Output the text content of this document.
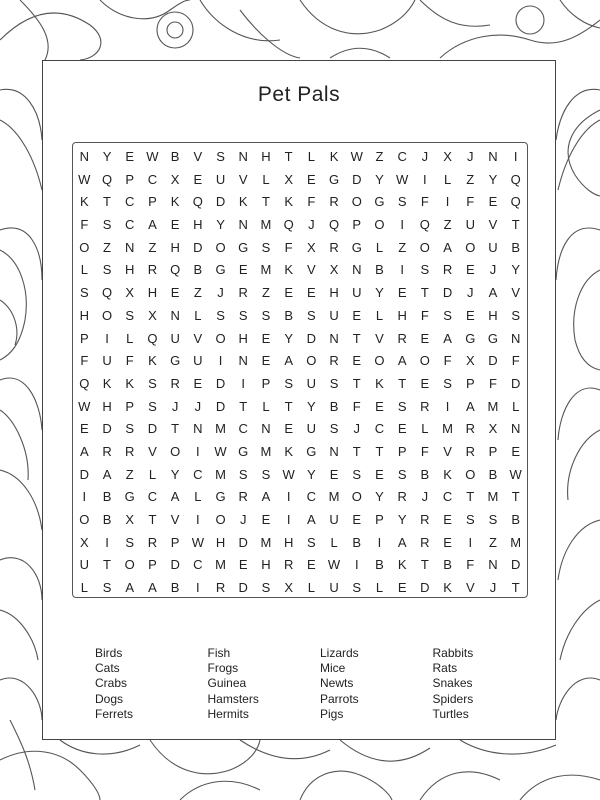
Pet Pals
N	Y	E W B	V	S	N	H	T	L	K W Z	C	J	X	J	N	I
W Q	P	C	X	E	U	V	L	X	E	G D	Y W	I	L	Z	Y	Q
K	T	C	P	K	Q D	K	T	K	F	R O G	S	F	I	F	E	Q
F	S	C	A	E	H	Y	N M Q	J	Q	P	O	I	Q	Z	U	V	T
O	Z	N	Z	H	D O G	S	F	X	R G	L	Z	O	A	O U	B
L	S	H	R Q	B	G	E M K	V	X	N	B	I	S	R	E	J	Y
S	Q	X	H	E	Z	J	R	Z	E	E	H	U	Y	E	T	D	J	A	V
H O	S	X	N	L	S	S	S	B	S	U	E	L	H	F	S	E	H	S
P	I	L	Q U	V	O H	E	Y	D	N	T	V	R	E	A	G G N
F	U	F	K	G U	I	N	E	A	O R	E	O	A	O	F	X	D	F
Q	K	K	S	R	E	D	I	P	S	U	S	T	K	T	E	S	P	F	D
W H	P	S	J	J	D	T	L	T	Y	B	F	E	S	R	I	A M	L
E	D	S	D	T	N M C	N	E	U	S	J	C	E	L	M R	X	N
A	R	R	V	O	I	W G M K	G N	T	T	P	F	V	R	P	E
D	A	Z	L	Y	C M S	S W Y	E	S	E	S	B	K	O	B W
I	B	G C	A	L	G R	A	I	C M O	Y	R	J	C	T	M	T
O	B	X	T	V	I	O	J	E	I	A	U	E	P	Y	R	E	S	S	B
X	I	S	R	P W H	D M H	S	L	B	I	A	R	E	I	Z	M
U	T	O	P	D	C M E	H	R	E W	I	B	K	T	B	F	N	D
L	S	A	A	B	I	R	D	S	X	L	U	S	L	E	D	K	V	J	T
Birds
Cats
Crabs
Dogs
Ferrets
Fish
Frogs
Guinea
Hamsters
Hermits
Lizards
Mice
Newts
Parrots
Pigs
Rabbits
Rats
Snakes
Spiders
Turtles
